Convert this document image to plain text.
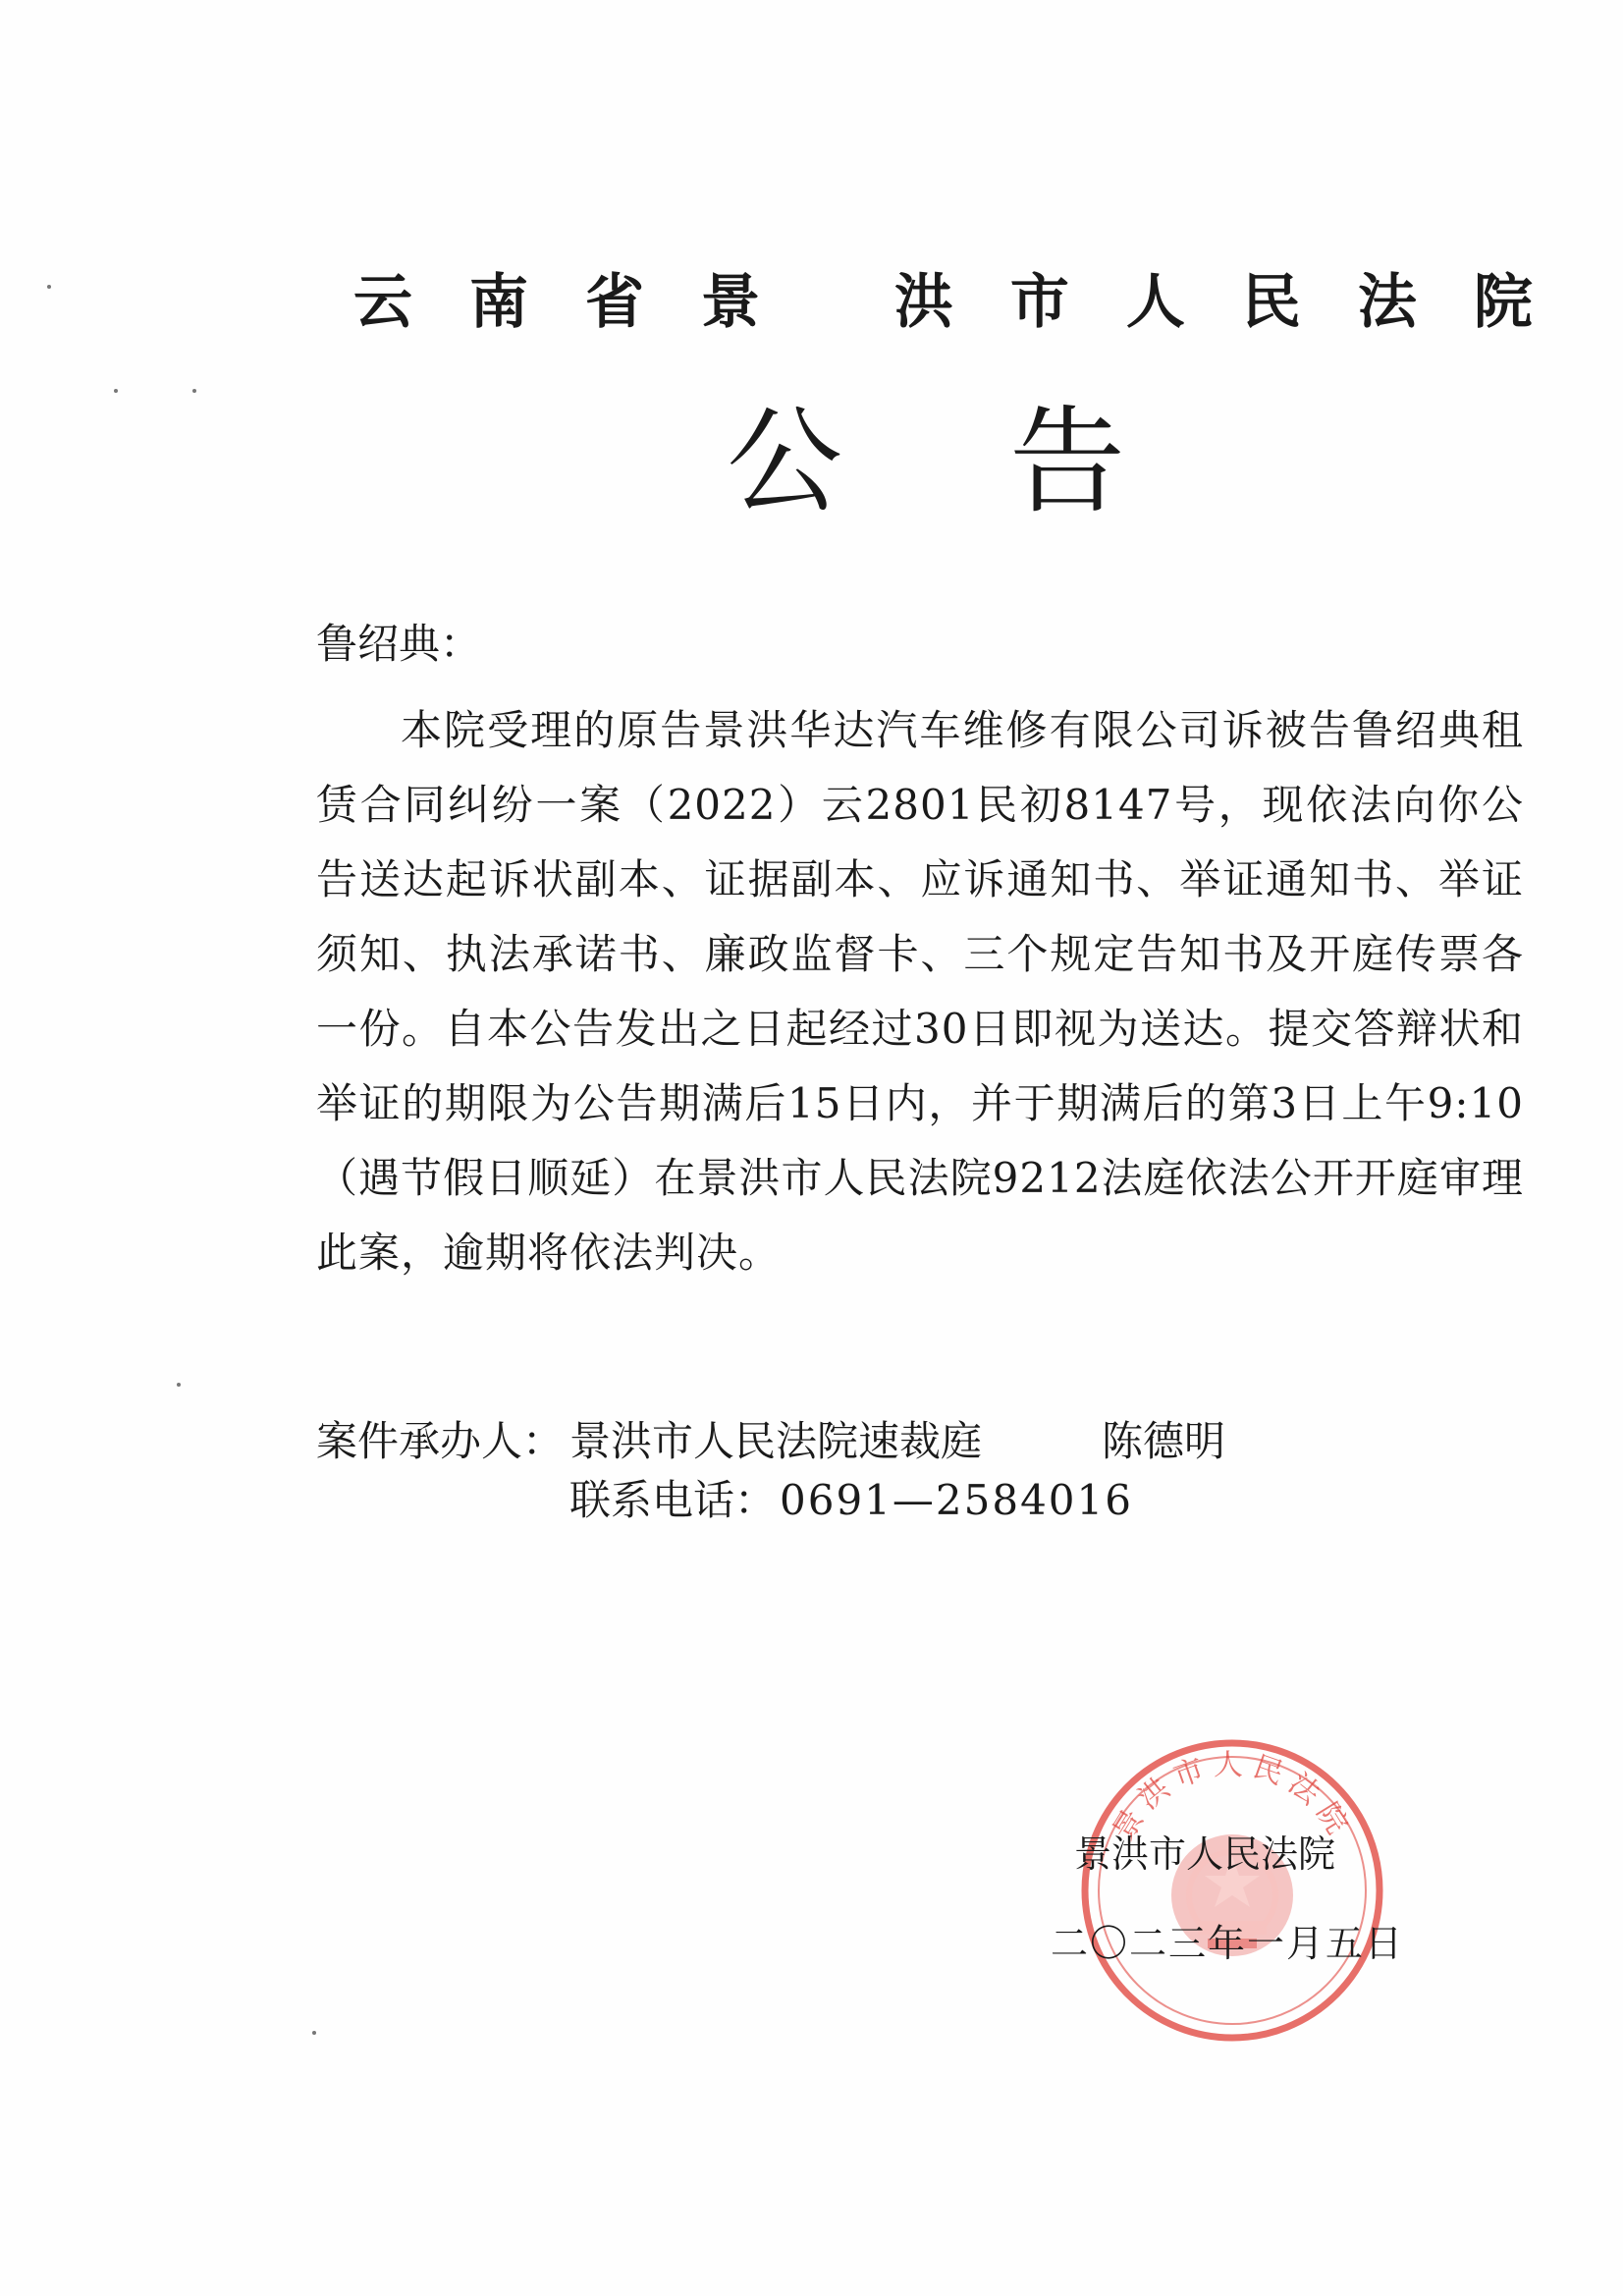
云南省景 洪市人民法院
公告
鲁绍典：
本院受理的原告景洪华达汽车维修有限公司诉被告鲁绍典租赁合同纠纷一案（2022）云2801民初8147号，现依法向你公告送达起诉状副本、证据副本、应诉通知书、举证通知书、举证须知、执法承诺书、廉政监督卡、三个规定告知书及开庭传票各一份。自本公告发出之日起经过30日即视为送达。提交答辩状和举证的期限为公告期满后15日内，并于期满后的第3日上午9:10（遇节假日顺延）在景洪市人民法院9212法庭依法公开开庭审理此案，逾期将依法判决。
案件承办人： 景洪市人民法院速裁庭	陈德明
联系电话：0691—2584016
景洪市人民法院
景洪市人民法院
二〇二三年一月五日
